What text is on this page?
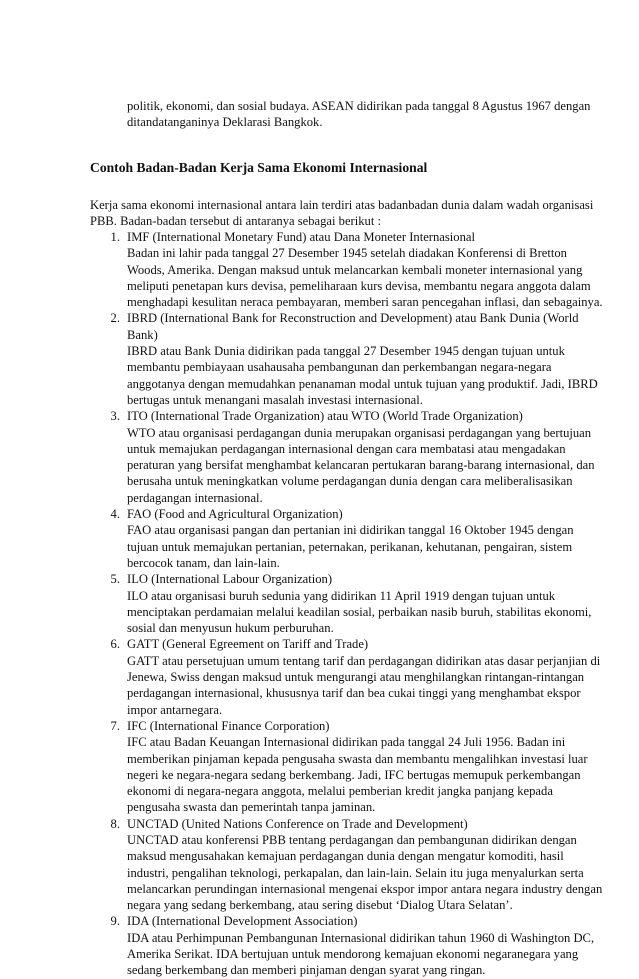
politik, ekonomi, dan sosial budaya. ASEAN didirikan pada tanggal 8 Agustus 1967 dengan ditandatanganinya Deklarasi Bangkok.

Contoh Badan-Badan Kerja Sama Ekonomi Internasional

Kerja sama ekonomi internasional antara lain terdiri atas badanbadan dunia dalam wadah organisasi PBB. Badan-badan tersebut di antaranya sebagai berikut :

1. IMF (International Monetary Fund) atau Dana Moneter Internasional

Badan ini lahir pada tanggal 27 Desember 1945 setelah diadakan Konferensi di Bretton Woods, Amerika. Dengan maksud untuk melancarkan kembali moneter internasional yang meliputi penetapan kurs devisa, pemeliharaan kurs devisa, membantu negara anggota dalam menghadapi kesulitan neraca pembayaran, memberi saran pencegahan inflasi, dan sebagainya.

2. IBRD (International Bank for Reconstruction and Development) atau Bank Dunia (World Bank)

IBRD atau Bank Dunia didirikan pada tanggal 27 Desember 1945 dengan tujuan untuk membantu pembiayaan usahausaha pembangunan dan perkembangan negara-negara anggotanya dengan memudahkan penanaman modal untuk tujuan yang produktif. Jadi, IBRD bertugas untuk menangani masalah investasi internasional.

3. ITO (International Trade Organization) atau WTO (World Trade Organization)

WTO atau organisasi perdagangan dunia merupakan organisasi perdagangan yang bertujuan untuk memajukan perdagangan internasional dengan cara membatasi atau mengadakan peraturan yang bersifat menghambat kelancaran pertukaran barang-barang internasional, dan berusaha untuk meningkatkan volume perdagangan dunia dengan cara meliberalisasikan perdagangan internasional.

4. FAO (Food and Agricultural Organization)

FAO atau organisasi pangan dan pertanian ini didirikan tanggal 16 Oktober 1945 dengan tujuan untuk memajukan pertanian, peternakan, perikanan, kehutanan, pengairan, sistem bercocok tanam, dan lain-lain.

5. ILO (International Labour Organization)

ILO atau organisasi buruh sedunia yang didirikan 11 April 1919 dengan tujuan untuk menciptakan perdamaian melalui keadilan sosial, perbaikan nasib buruh, stabilitas ekonomi, sosial dan menyusun hukum perburuhan.

6. GATT (General Egreement on Tariff and Trade)

GATT atau persetujuan umum tentang tarif dan perdagangan didirikan atas dasar perjanjian di Jenewa, Swiss dengan maksud untuk mengurangi atau menghilangkan rintangan-rintangan perdagangan internasional, khususnya tarif dan bea cukai tinggi yang menghambat ekspor impor antarnegara.

7. IFC (International Finance Corporation)

IFC atau Badan Keuangan Internasional didirikan pada tanggal 24 Juli 1956. Badan ini memberikan pinjaman kepada pengusaha swasta dan membantu mengalihkan investasi luar negeri ke negara-negara sedang berkembang. Jadi, IFC bertugas memupuk perkembangan ekonomi di negara-negara anggota, melalui pemberian kredit jangka panjang kepada pengusaha swasta dan pemerintah tanpa jaminan.

8. UNCTAD (United Nations Conference on Trade and Development)

UNCTAD atau konferensi PBB tentang perdagangan dan pembangunan didirikan dengan maksud mengusahakan kemajuan perdagangan dunia dengan mengatur komoditi, hasil industri, pengalihan teknologi, perkapalan, dan lain-lain. Selain itu juga menyalurkan serta melancarkan perundingan internasional mengenai ekspor impor antara negara industry dengan negara yang sedang berkembang, atau sering disebut ‘Dialog Utara Selatan’.

9. IDA (International Development Association)

IDA atau Perhimpunan Pembangunan Internasional didirikan tahun 1960 di Washington DC, Amerika Serikat. IDA bertujuan untuk mendorong kemajuan ekonomi negaranegara yang sedang berkembang dan memberi pinjaman dengan syarat yang ringan.
